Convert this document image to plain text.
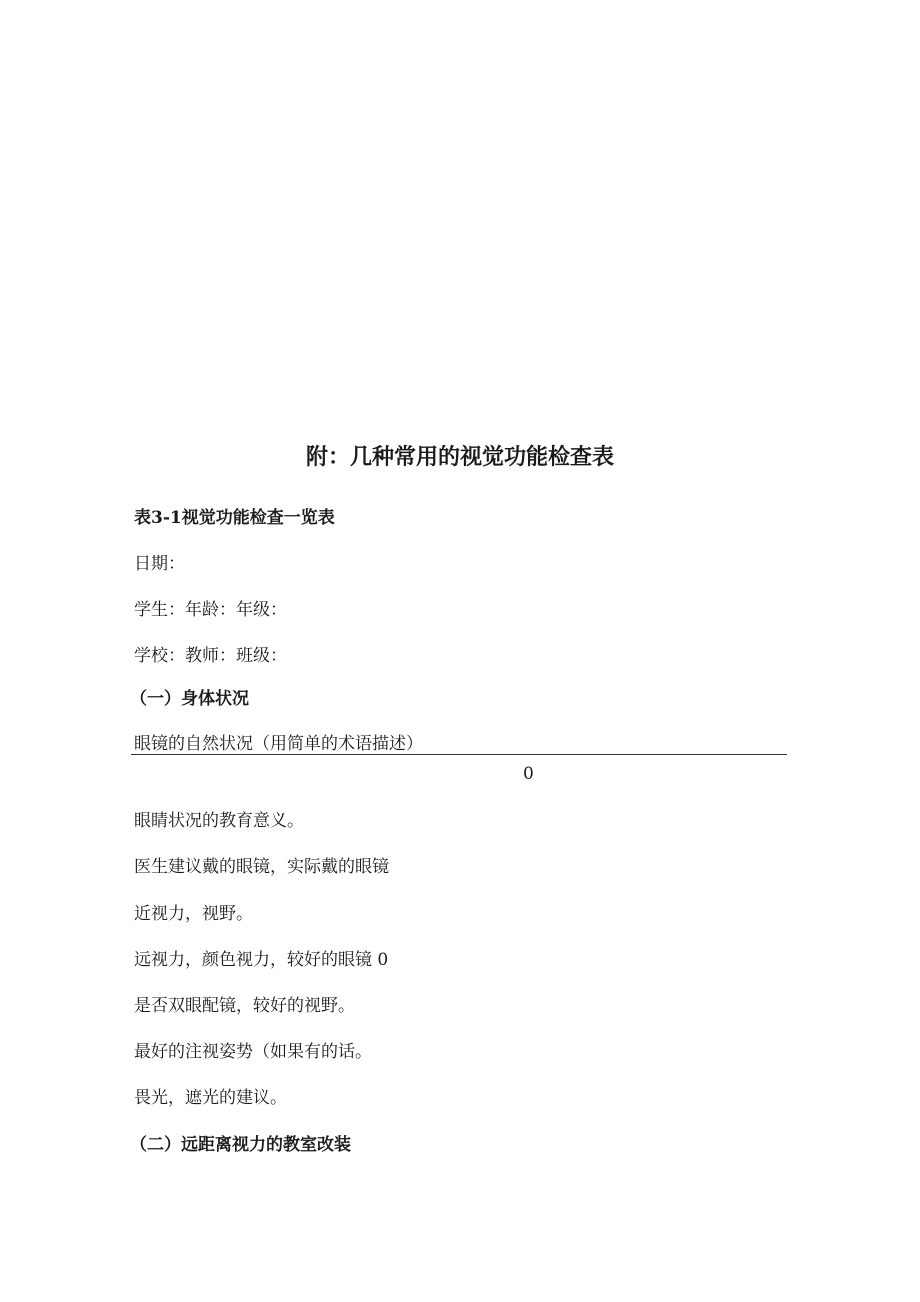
附：几种常用的视觉功能检查表
表3-1视觉功能检查一览表
日期：
学生：年龄：年级：
学校：教师：班级：
（一）身体状况
眼镜的自然状况（用简单的术语描述）
0
眼睛状况的教育意义。
医生建议戴的眼镜，实际戴的眼镜
近视力，视野。
远视力，颜色视力，较好的眼镜 0
是否双眼配镜，较好的视野。
最好的注视姿势（如果有的话。
畏光，遮光的建议。
（二）远距离视力的教室改装
